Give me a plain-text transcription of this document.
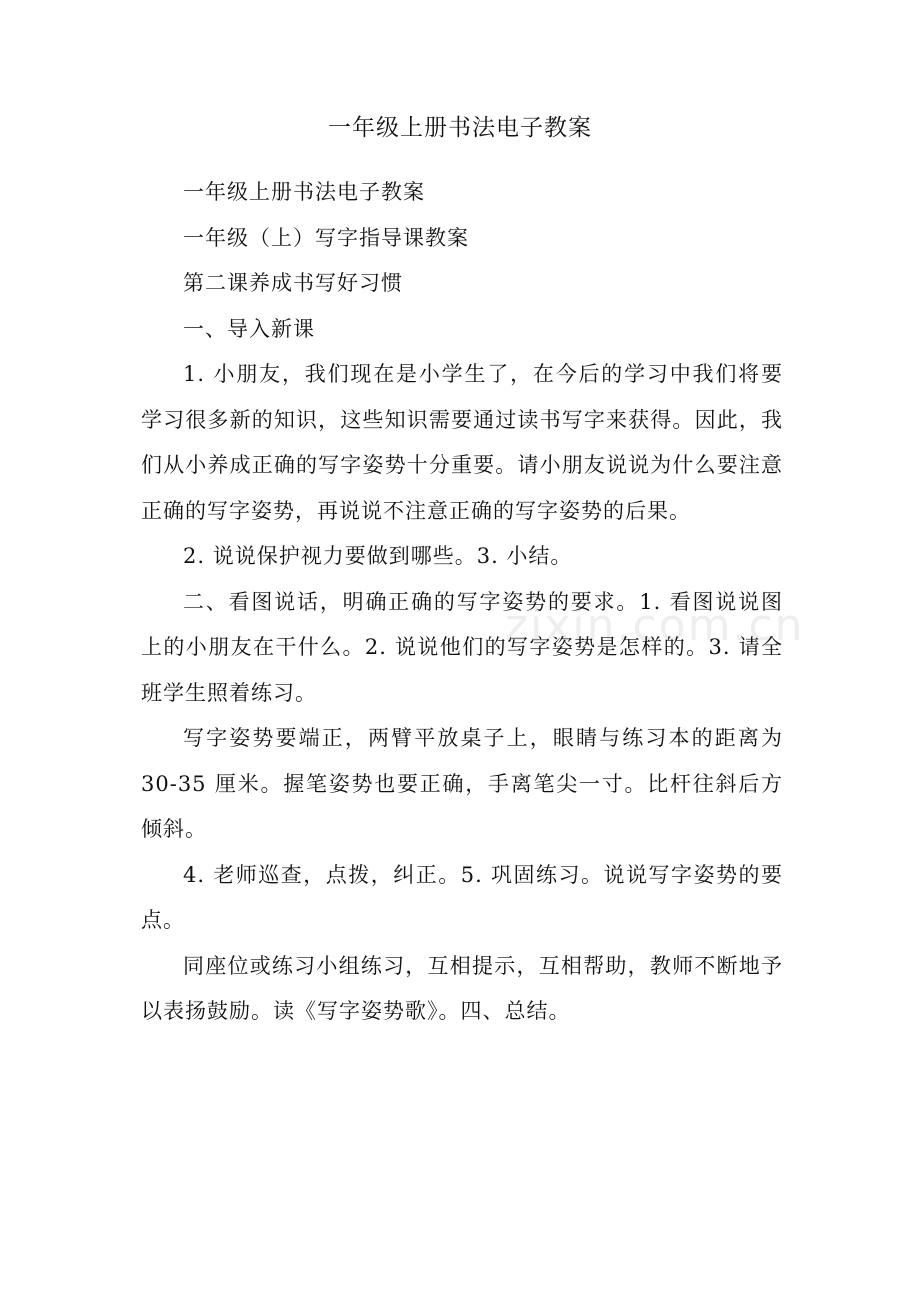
zixin.com.cn
一年级上册书法电子教案

一年级上册书法电子教案

一年级（上）写字指导课教案

第二课养成书写好习惯

一、导入新课

1. 小朋友，我们现在是小学生了，在今后的学习中我们将要学习很多新的知识，这些知识需要通过读书写字来获得。因此，我们从小养成正确的写字姿势十分重要。请小朋友说说为什么要注意正确的写字姿势，再说说不注意正确的写字姿势的后果。

2. 说说保护视力要做到哪些。3. 小结。

二、看图说话，明确正确的写字姿势的要求。1. 看图说说图上的小朋友在干什么。2. 说说他们的写字姿势是怎样的。3. 请全班学生照着练习。

写字姿势要端正，两臂平放桌子上，眼睛与练习本的距离为 30-35 厘米。握笔姿势也要正确，手离笔尖一寸。比杆往斜后方倾斜。

4. 老师巡查，点拨，纠正。5. 巩固练习。说说写字姿势的要点。

同座位或练习小组练习，互相提示，互相帮助，教师不断地予以表扬鼓励。读《写字姿势歌》。四、总结。
